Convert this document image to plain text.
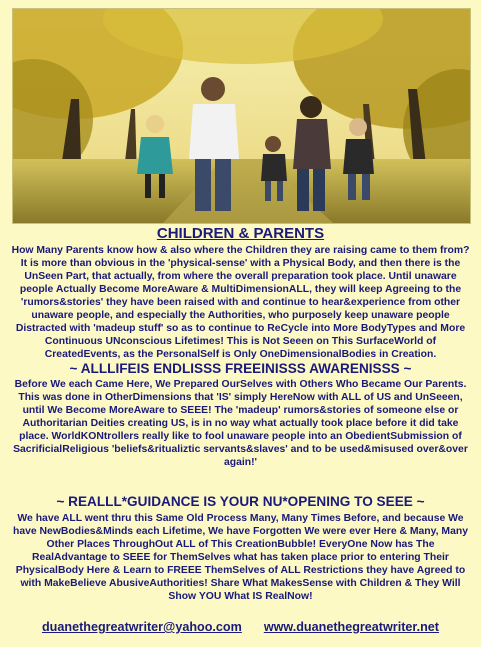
CHILDREN & PARENTS

How Many Parents know how & also where the Children they are raising came to them from? It is more than obvious in the 'physical-sense' with a Physical Body, and then there is the UnSeen Part, that actually, from where the overall preparation took place. Until unaware people Actually Become MoreAware & MultiDimensionALL, they will keep Agreeing to the 'rumors&stories' they have been raised with and continue to hear&experience from other unaware people, and especially the Authorities, who purposely keep unaware people Distracted with 'madeup stuff' so as to continue to ReCycle into More BodyTypes and More Continuous UNconscious Lifetimes! This is Not Seeen on This SurfaceWorld of CreatedEvents, as the PersonalSelf is Only OneDimensionalBodies in Creation.

~ ALLLIFEIS ENDLISSS FREEINISSS AWARENISSS ~

Before We each Came Here, We Prepared OurSelves with Others Who Became Our Parents. This was done in OtherDimensions that 'IS' simply HereNow with ALL of US and UnSeeen, until We Become MoreAware to SEEE! The 'madeup' rumors&stories of someone else or Authoritarian Deities creating US, is in no way what actually took place before it did take place. WorldKONtrollers really like to fool unaware people into an ObedientSubmission of SacrificialReligious 'beliefs&ritualiztic servants&slaves' and to be used&misused over&over again!'

~ REALLL*GUIDANCE IS YOUR NU*OPENING TO SEEE ~

We have ALL went thru this Same Old Process Many, Many Times Before, and because We have NewBodies&Minds each Lifetime, We have Forgotten We were ever Here & Many, Many Other Places ThroughOut ALL of This CreationBubble! EveryOne Now has The RealAdvantage to SEEE for ThemSelves what has taken place prior to entering Their PhysicalBody Here & Learn to FREEE ThemSelves of ALL Restrictions they have Agreed to with MakeBelieve AbusiveAuthorities! Share What MakesSense with Children & They Will Show YOU What IS RealNow!

duanethegreatwriter@yahoo.com www.duanethegreatwriter.net
